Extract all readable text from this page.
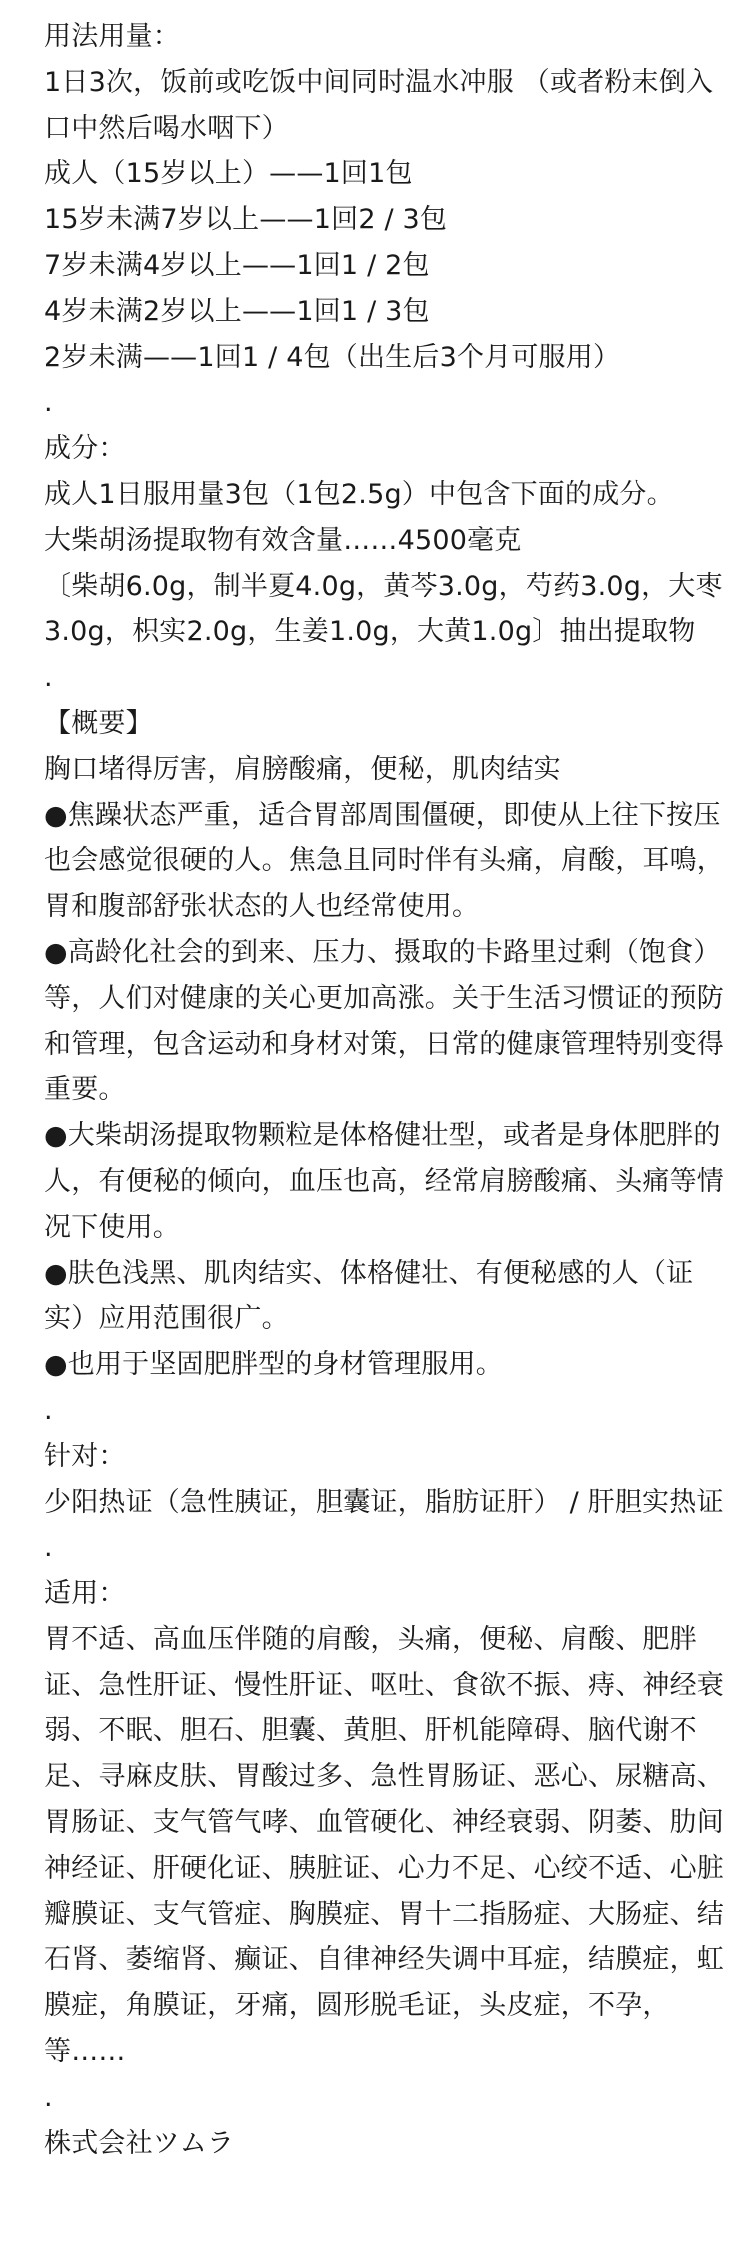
用法用量：
1日3次，饭前或吃饭中间同时温水冲服 （或者粉末倒入口中然后喝水咽下）
成人（15岁以上）——1回1包
15岁未满7岁以上——1回2 / 3包
7岁未满4岁以上——1回1 / 2包
4岁未满2岁以上——1回1 / 3包
2岁未满——1回1 / 4包（出生后3个月可服用）
.
成分：
成人1日服用量3包（1包2.5g）中包含下面的成分。
大柴胡汤提取物有效含量……4500毫克
〔柴胡6.0g，制半夏4.0g，黄芩3.0g，芍药3.0g，大枣3.0g，枳实2.0g，生姜1.0g，大黄1.0g〕抽出提取物
.
【概要】
胸口堵得厉害，肩膀酸痛，便秘，肌肉结实
●焦躁状态严重，适合胃部周围僵硬，即使从上往下按压也会感觉很硬的人。焦急且同时伴有头痛，肩酸，耳鳴，胃和腹部舒张状态的人也经常使用。
●高龄化社会的到来、压力、摄取的卡路里过剩（饱食）等，人们对健康的关心更加高涨。关于生活习惯证的预防和管理，包含运动和身材对策，日常的健康管理特别变得重要。
●大柴胡汤提取物颗粒是体格健壮型，或者是身体肥胖的人，有便秘的倾向，血压也高，经常肩膀酸痛、头痛等情况下使用。
●肤色浅黑、肌肉结实、体格健壮、有便秘感的人（证实）应用范围很广。
●也用于坚固肥胖型的身材管理服用。
.
针对：
少阳热证（急性胰证，胆囊证，脂肪证肝） / 肝胆实热证
.
适用：
胃不适、高血压伴随的肩酸，头痛，便秘、肩酸、肥胖证、急性肝证、慢性肝证、呕吐、食欲不振、痔、神经衰弱、不眠、胆石、胆囊、黄胆、肝机能障碍、脑代谢不足、寻麻皮肤、胃酸过多、急性胃肠证、恶心、尿糖高、胃肠证、支气管气哮、血管硬化、神经衰弱、阴萎、肋间神经证、肝硬化证、胰脏证、心力不足、心绞不适、心脏瓣膜证、支气管症、胸膜症、胃十二指肠症、大肠症、结石肾、萎缩肾、癫证、自律神经失调中耳症，结膜症，虹膜症，角膜证，牙痛，圆形脱毛证，头皮症，不孕，等……
.
株式会社ツムラ
